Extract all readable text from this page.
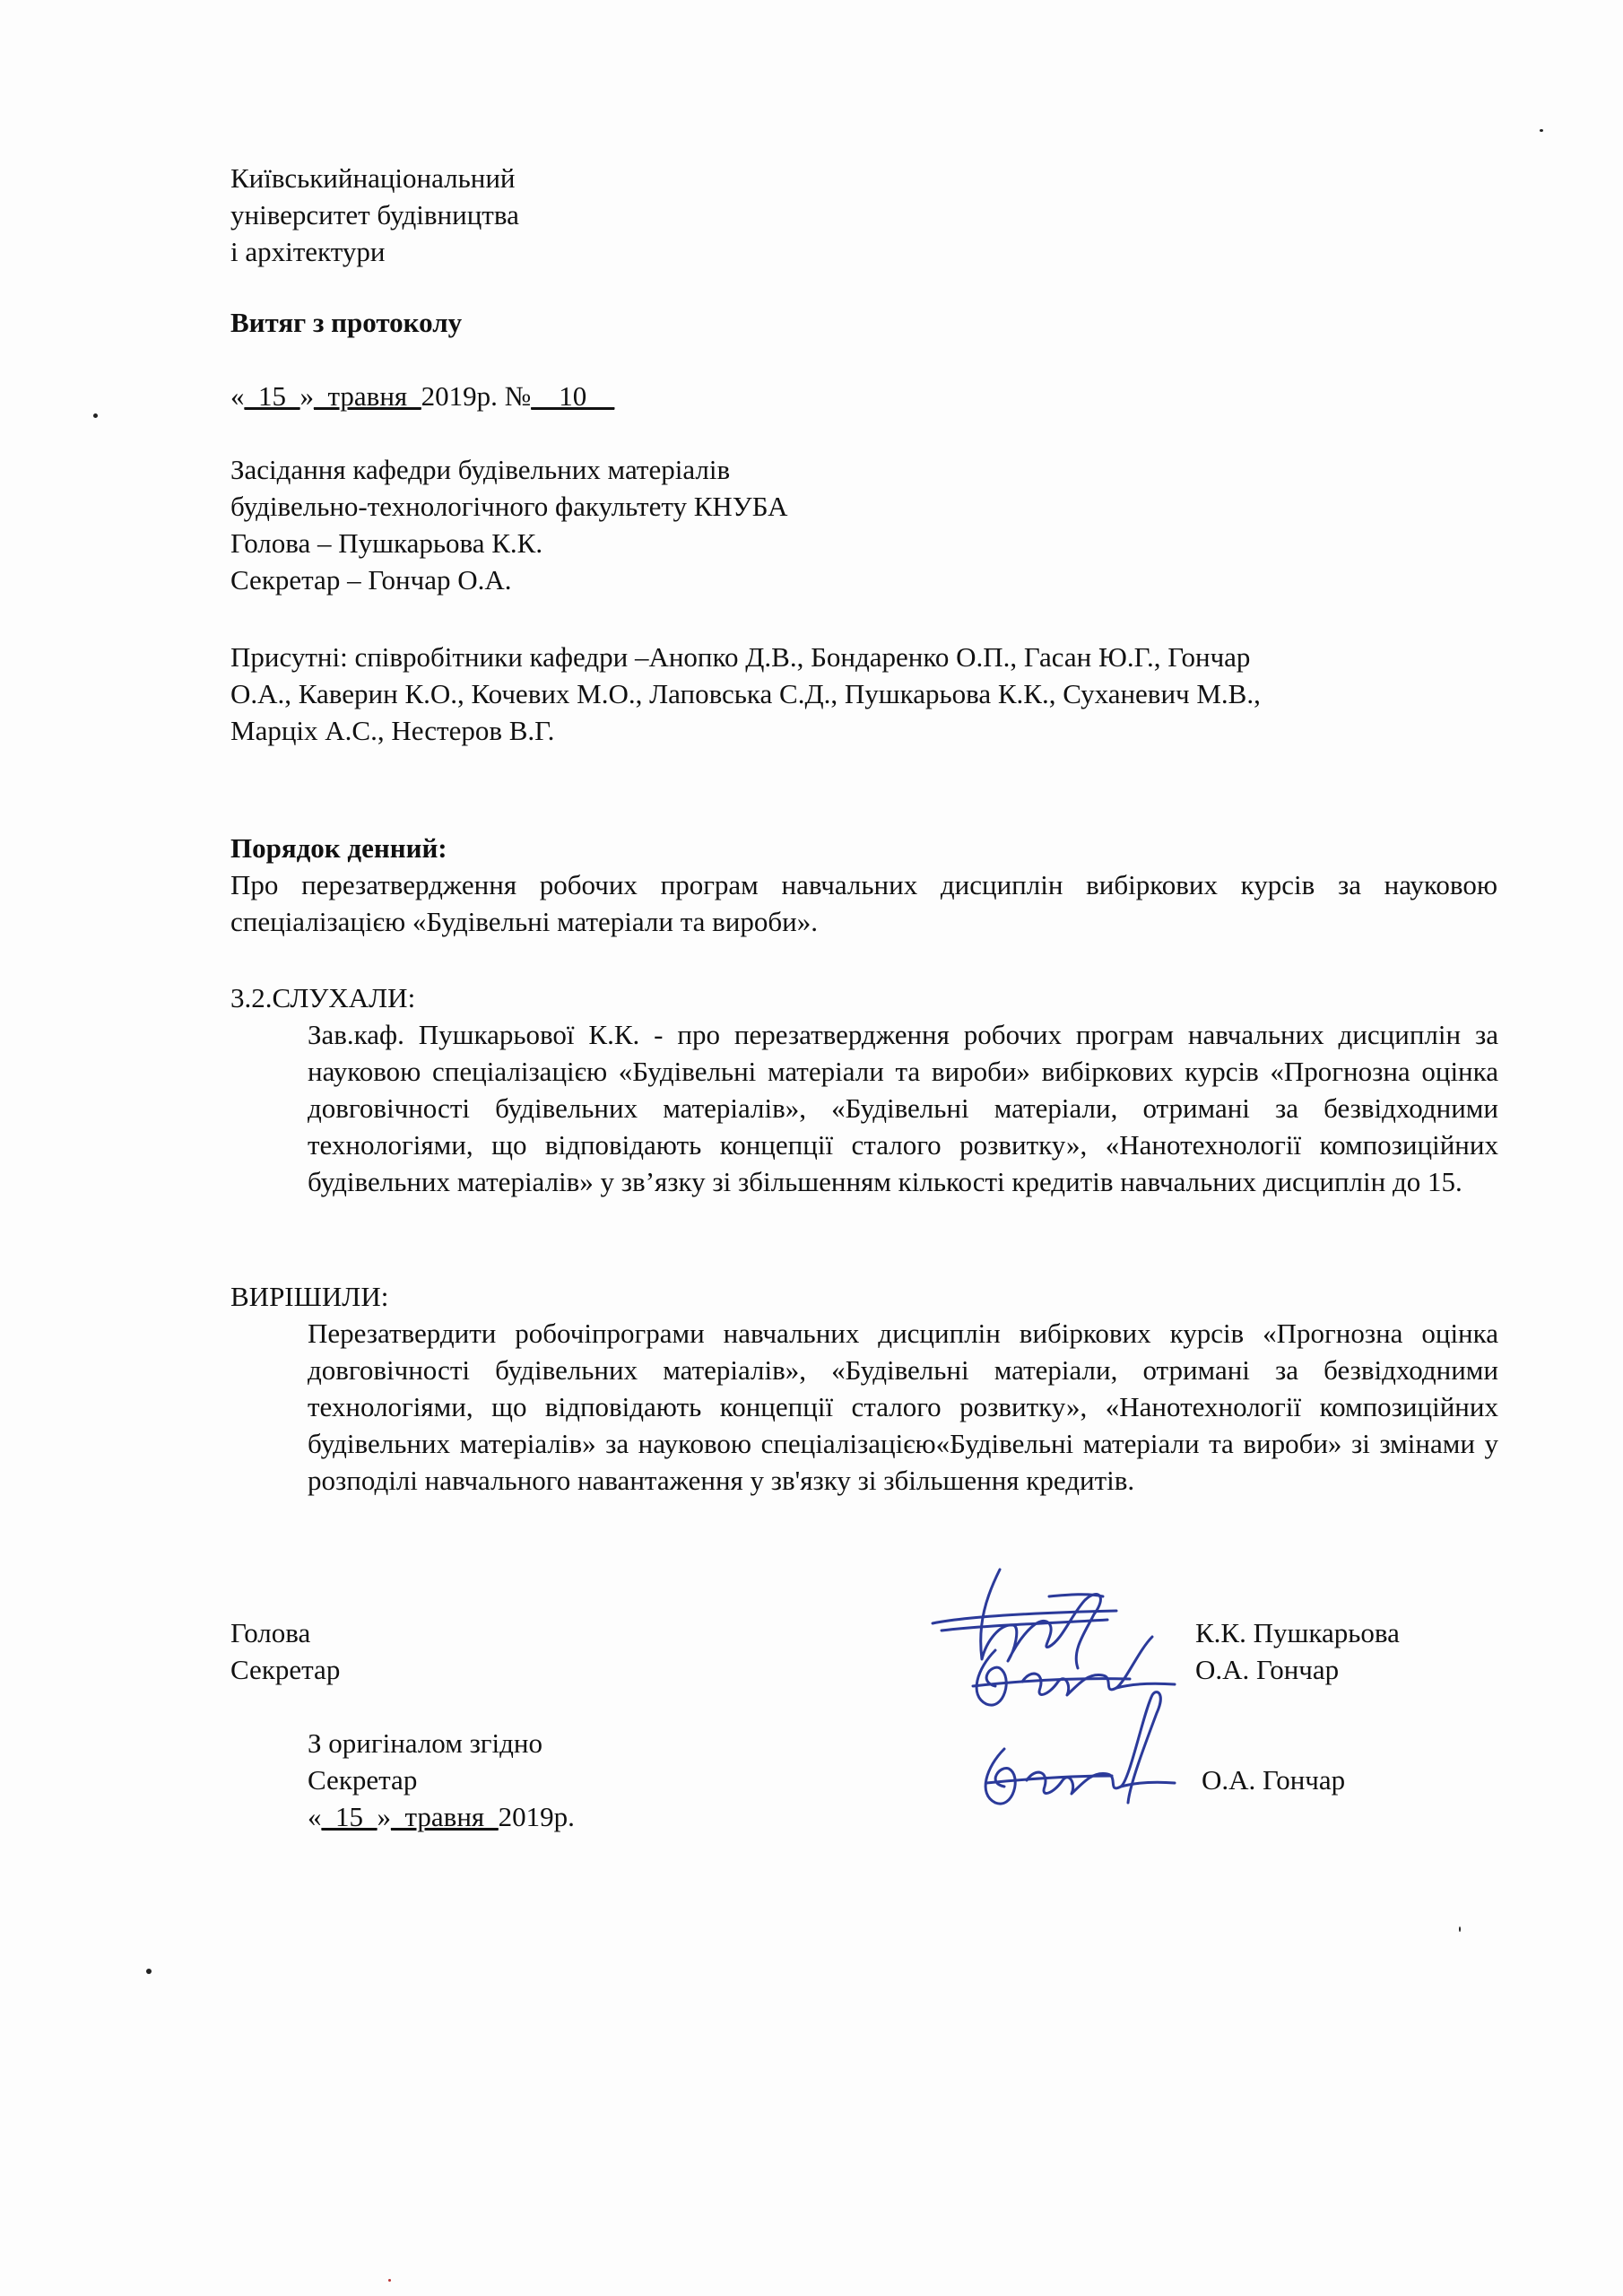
Київськийнаціональний
університет будівництва
і архітектури
Витяг з протоколу
«_15_»_травня_2019р. №__10__
Засідання кафедри будівельних матеріалів
будівельно-технологічного факультету КНУБА
Голова – Пушкарьова К.К.
Секретар – Гончар О.А.
Присутні: співробітники кафедри –Анопко Д.В., Бондаренко О.П., Гасан Ю.Г., Гончар
О.А., Каверин К.О., Кочевих М.О., Лаповська С.Д., Пушкарьова К.К., Суханевич М.В.,
Марціх А.С., Нестеров В.Г.
Порядок денний:
Про перезатвердження робочих програм навчальних дисциплін вибіркових курсів за науковою спеціалізацією «Будівельні матеріали та вироби».
3.2.СЛУХАЛИ:
Зав.каф. Пушкарьової К.К. - про перезатвердження робочих програм навчальних дисциплін за науковою спеціалізацією «Будівельні матеріали та вироби» вибіркових курсів «Прогнозна оцінка довговічності будівельних матеріалів», «Будівельні матеріали, отримані за безвідходними технологіями, що відповідають концепції сталого розвитку», «Нанотехнології композиційних будівельних матеріалів» у зв’язку зі збільшенням кількості кредитів навчальних дисциплін до 15.
ВИРІШИЛИ:
Перезатвердити робочіпрограми навчальних дисциплін вибіркових курсів «Прогнозна оцінка довговічності будівельних матеріалів», «Будівельні матеріали, отримані за безвідходними технологіями, що відповідають концепції сталого розвитку», «Нанотехнології композиційних будівельних матеріалів» за науковою спеціалізацією«Будівельні матеріали та вироби» зі змінами у розподілі навчального навантаження у зв'язку зі збільшення кредитів.
Голова
Секретар
К.К. Пушкарьова
О.А. Гончар
З оригіналом згідно
Секретар
«_15_»_травня_2019р.
О.А. Гончар
